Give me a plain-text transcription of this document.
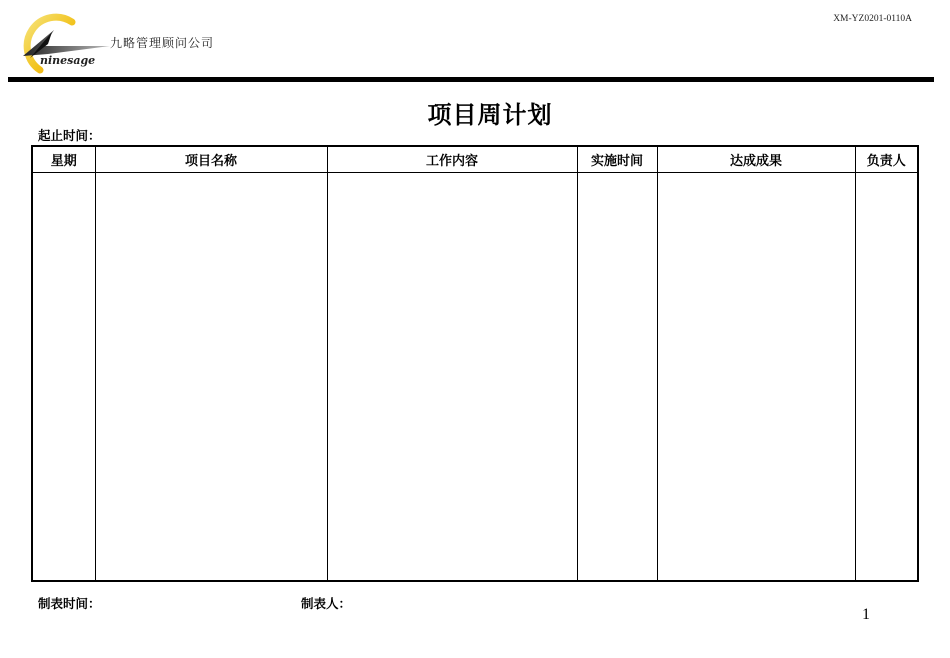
ninesage
九略管理顾问公司
XM-YZ0201-0110A
项目周计划
起止时间：
星期	项目名称	工作内容	实施时间	达成成果	负责人

制表时间：	制表人：
1
